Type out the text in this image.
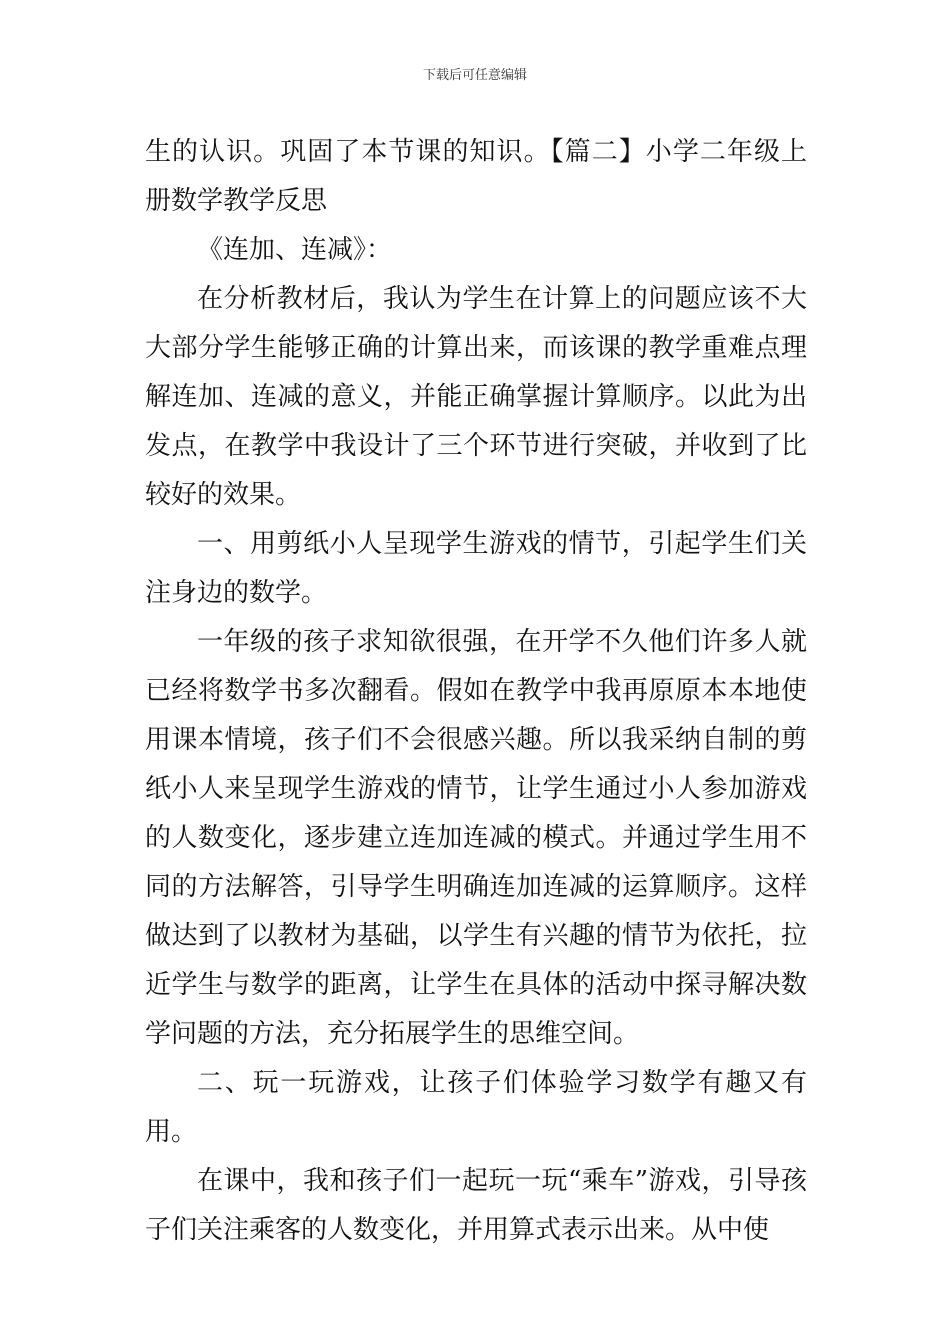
下载后可任意编辑

生的认识。巩固了本节课的知识。【篇二】小学二年级上册数学教学反思

《连加、连减》：

在分析教材后，我认为学生在计算上的问题应该不大大部分学生能够正确的计算出来，而该课的教学重难点理解连加、连减的意义，并能正确掌握计算顺序。以此为出发点，在教学中我设计了三个环节进行突破，并收到了比较好的效果。

一、用剪纸小人呈现学生游戏的情节，引起学生们关注身边的数学。

一年级的孩子求知欲很强，在开学不久他们许多人就已经将数学书多次翻看。假如在教学中我再原原本本地使用课本情境，孩子们不会很感兴趣。所以我采纳自制的剪纸小人来呈现学生游戏的情节，让学生通过小人参加游戏的人数变化，逐步建立连加连减的模式。并通过学生用不同的方法解答，引导学生明确连加连减的运算顺序。这样做达到了以教材为基础，以学生有兴趣的情节为依托，拉近学生与数学的距离，让学生在具体的活动中探寻解决数学问题的方法，充分拓展学生的思维空间。

二、玩一玩游戏，让孩子们体验学习数学有趣又有用。

在课中，我和孩子们一起玩一玩“乘车”游戏，引导孩子们关注乘客的人数变化，并用算式表示出来。从中使
